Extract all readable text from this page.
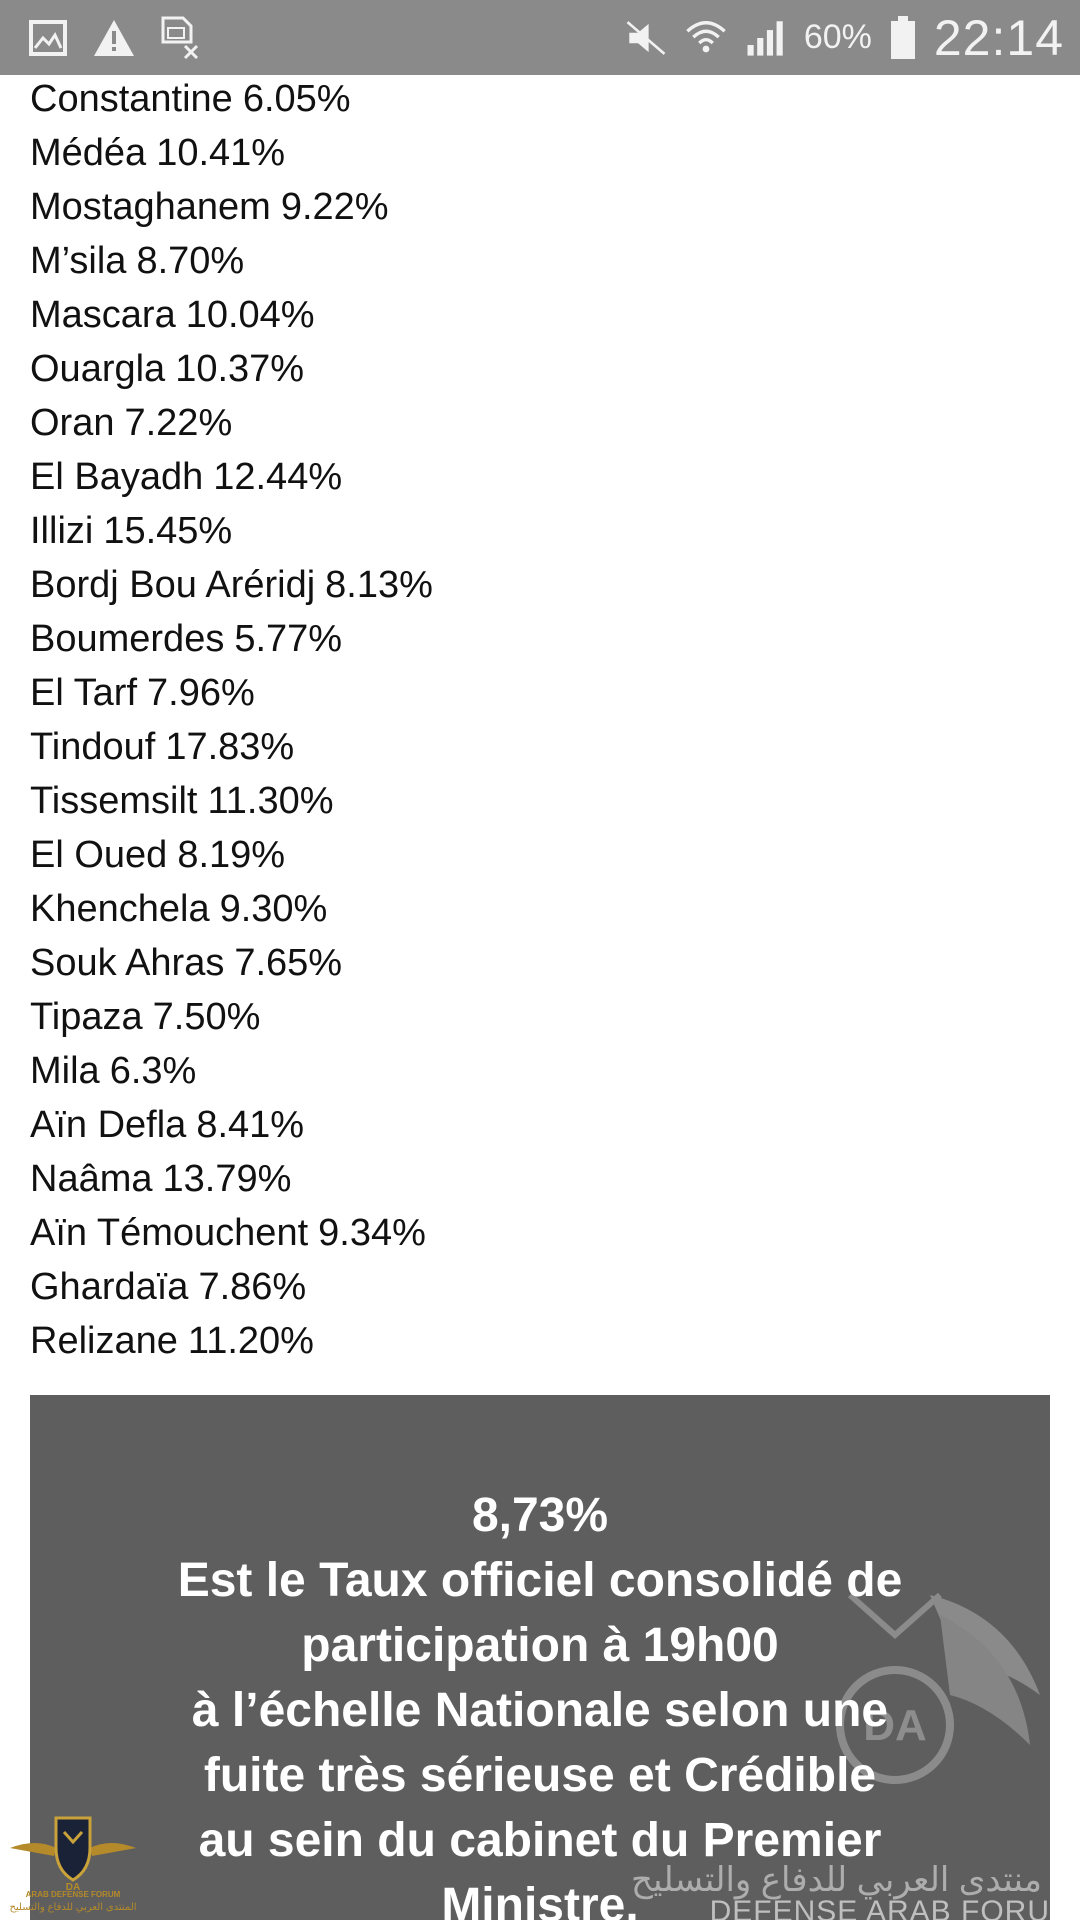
60% 22:14
Constantine 6.05%
Médéa 10.41%
Mostaghanem 9.22%
M’sila 8.70%
Mascara 10.04%
Ouargla 10.37%
Oran 7.22%
El Bayadh 12.44%
Illizi 15.45%
Bordj Bou Aréridj 8.13%
Boumerdes 5.77%
El Tarf 7.96%
Tindouf 17.83%
Tissemsilt 11.30%
El Oued 8.19%
Khenchela 9.30%
Souk Ahras 7.65%
Tipaza 7.50%
Mila 6.3%
Aïn Defla 8.41%
Naâma 13.79%
Aïn Témouchent 9.34%
Ghardaïa 7.86%
Relizane 11.20%
DA
8,73%
Est le Taux officiel consolidé de
participation à 19h00
à l’échelle Nationale selon une
fuite très sérieuse et Crédible
au sein du cabinet du Premier
Ministre.
منتدى العربي للدفاع والتسليح
DEFENSE ARAB FORU
DA
ARAB DEFENSE FORUM
المنتدى العربي للدفاع والتسليح
